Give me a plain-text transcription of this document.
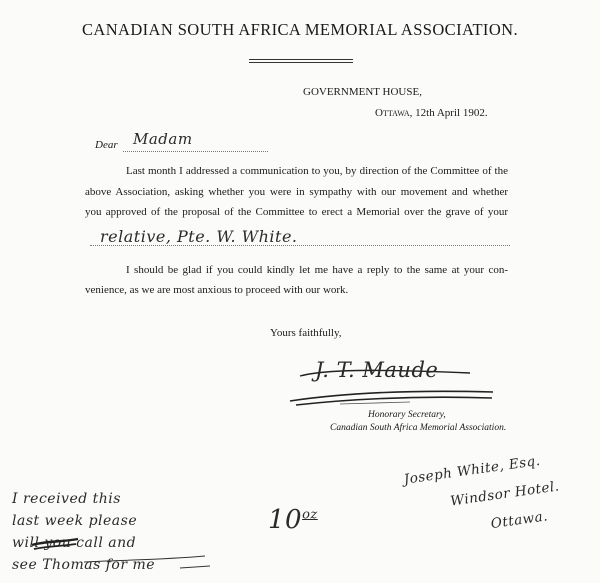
CANADIAN SOUTH AFRICA MEMORIAL ASSOCIATION.
GOVERNMENT HOUSE,
Ottawa, 12th April 1902.
Dear Madam
Last month I addressed a communication to you, by direction of the Committee of the
above Association, asking whether you were in sympathy with our movement and whether
you approved of the proposal of the Committee to erect a Memorial over the grave of your
relative, Pte. W. White.
I should be glad if you could kindly let me have a reply to the same at your con-
venience, as we are most anxious to proceed with our work.
Yours faithfully,
J. T. Maude
Honorary Secretary,
Canadian South Africa Memorial Association.
I received this
last week please
will you call and
see Thomas for me
$10^{oz}$
Joseph White, Esq.
Windsor Hotel.
Ottawa.
